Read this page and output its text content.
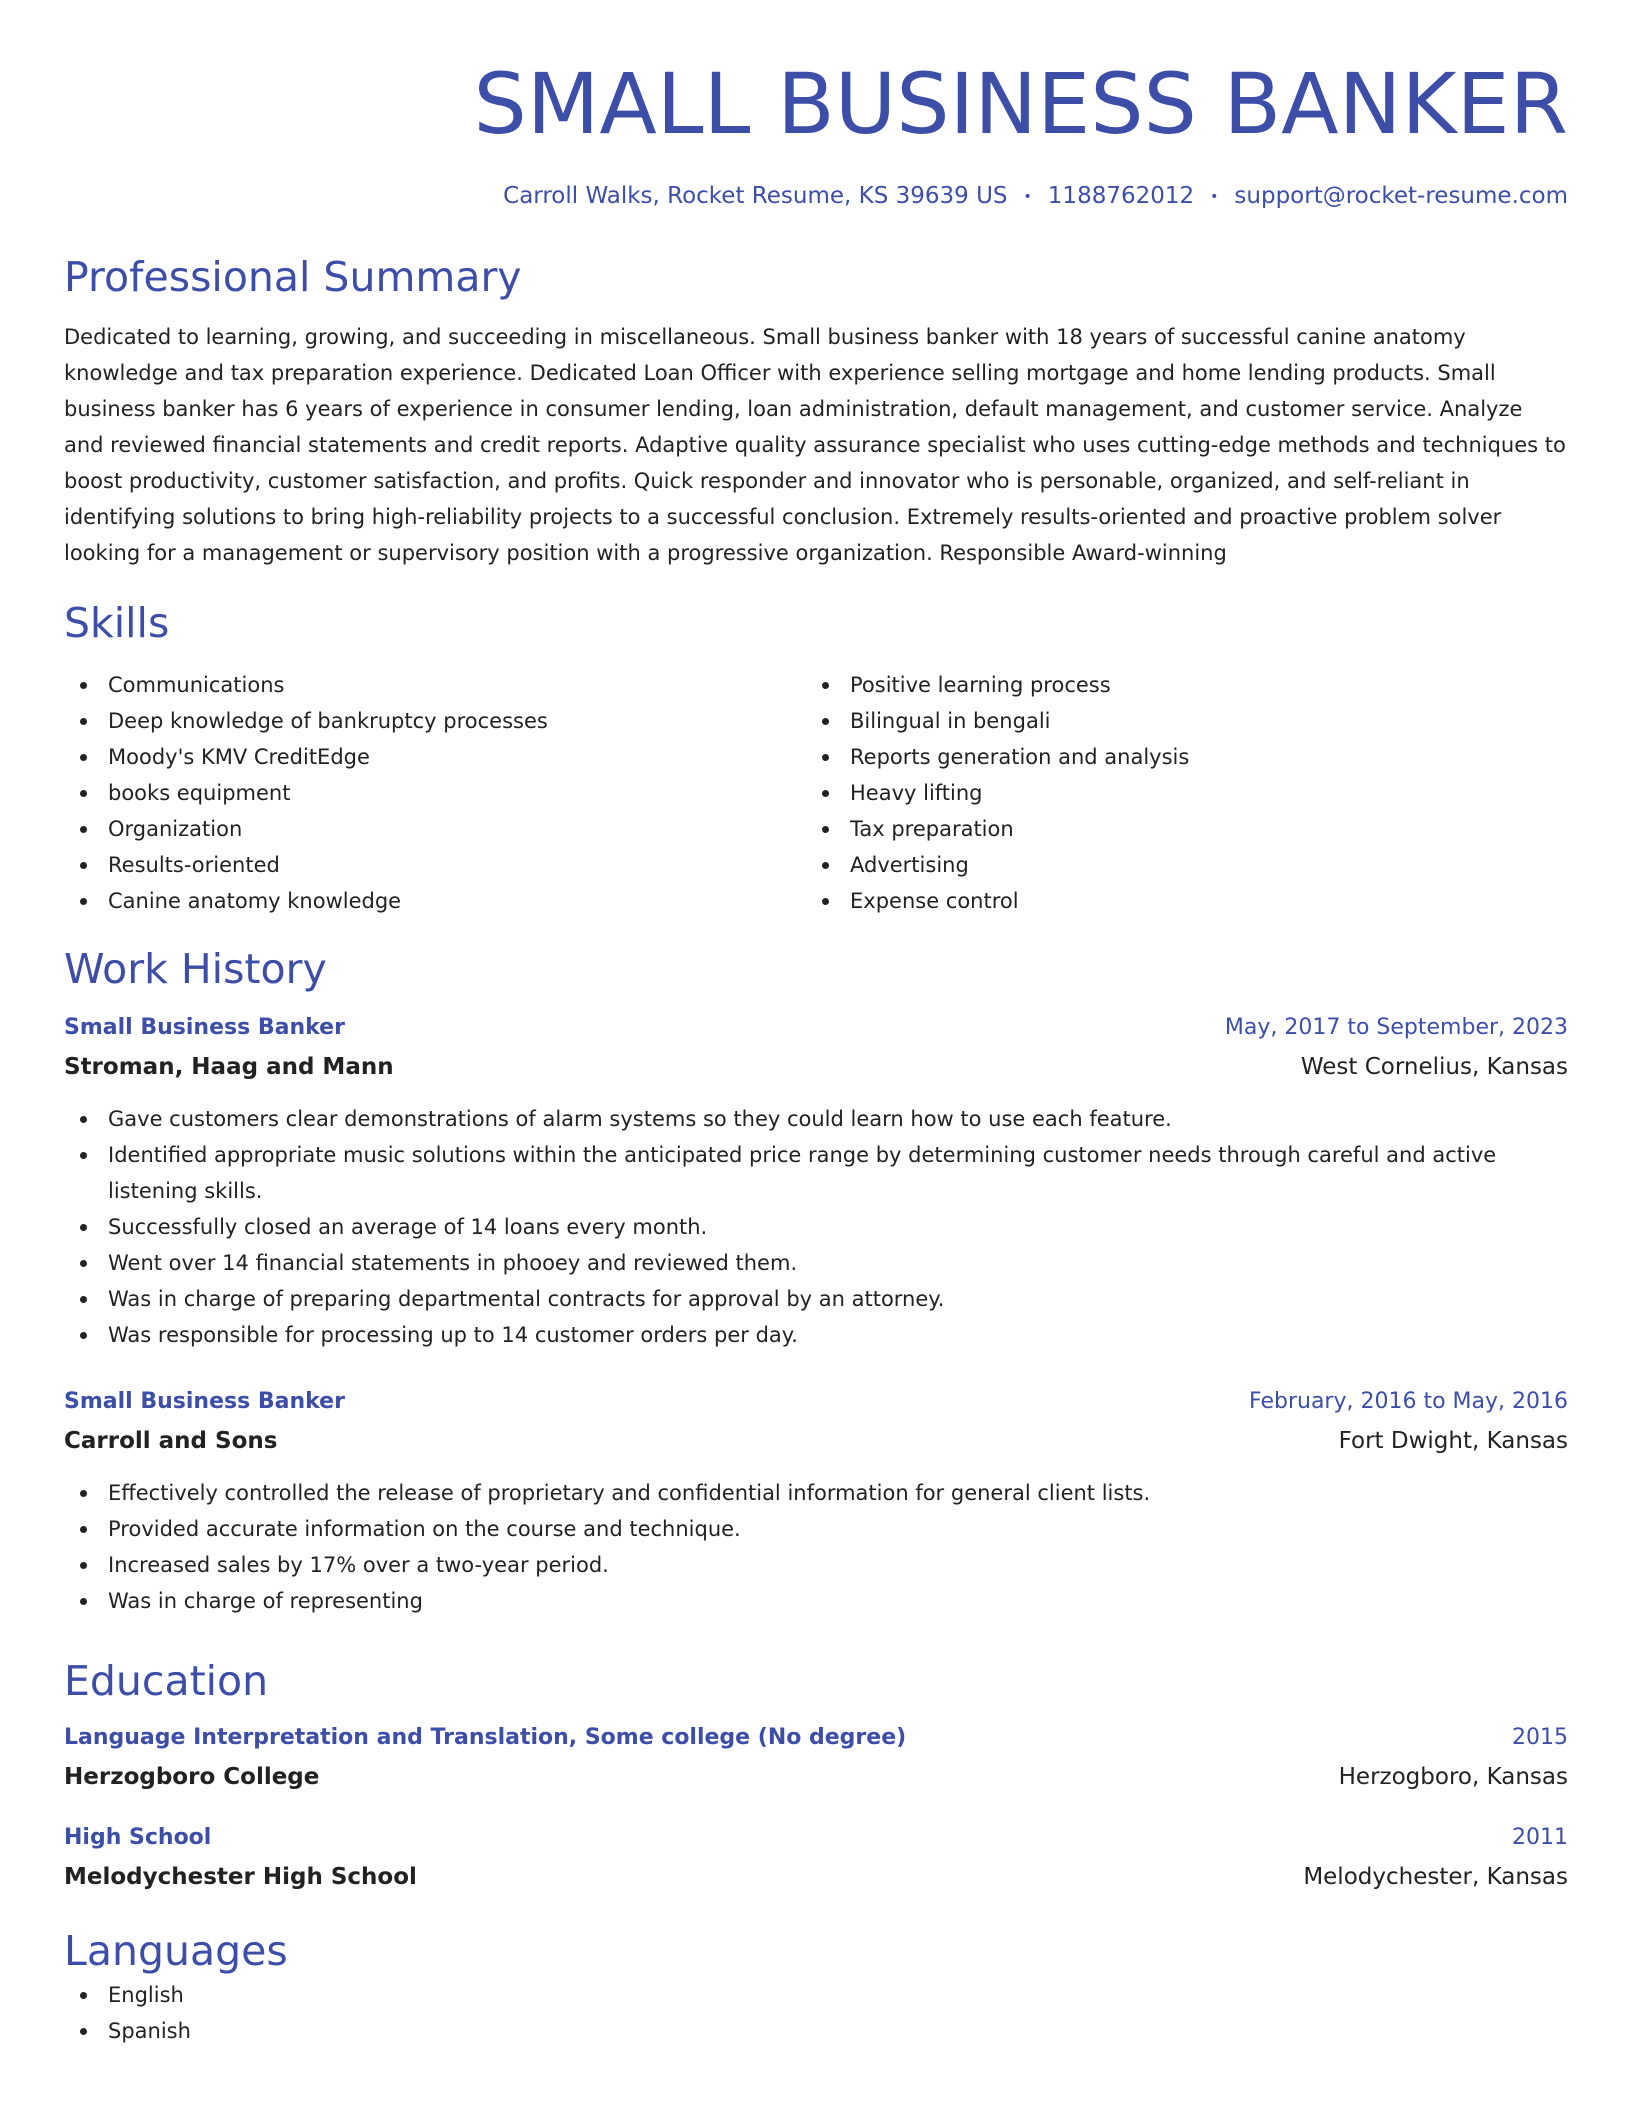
SMALL BUSINESS BANKER
Carroll Walks, Rocket Resume, KS 39639 US • 1188762012 • support@rocket-resume.com
Professional Summary
Dedicated to learning, growing, and succeeding in miscellaneous. Small business banker with 18 years of successful canine anatomy knowledge and tax preparation experience. Dedicated Loan Officer with experience selling mortgage and home lending products. Small business banker has 6 years of experience in consumer lending, loan administration, default management, and customer service. Analyze and reviewed financial statements and credit reports. Adaptive quality assurance specialist who uses cutting-edge methods and techniques to boost productivity, customer satisfaction, and profits. Quick responder and innovator who is personable, organized, and self-reliant in identifying solutions to bring high-reliability projects to a successful conclusion. Extremely results-oriented and proactive problem solver looking for a management or supervisory position with a progressive organization. Responsible Award-winning
Skills
Communications
Deep knowledge of bankruptcy processes
Moody's KMV CreditEdge
books equipment
Organization
Results-oriented
Canine anatomy knowledge
Positive learning process
Bilingual in bengali
Reports generation and analysis
Heavy lifting
Tax preparation
Advertising
Expense control
Work History
Small Business Banker	May, 2017 to September, 2023
Stroman, Haag and Mann	West Cornelius, Kansas
Gave customers clear demonstrations of alarm systems so they could learn how to use each feature.
Identified appropriate music solutions within the anticipated price range by determining customer needs through careful and active listening skills.
Successfully closed an average of 14 loans every month.
Went over 14 financial statements in phooey and reviewed them.
Was in charge of preparing departmental contracts for approval by an attorney.
Was responsible for processing up to 14 customer orders per day.
Small Business Banker	February, 2016 to May, 2016
Carroll and Sons	Fort Dwight, Kansas
Effectively controlled the release of proprietary and confidential information for general client lists.
Provided accurate information on the course and technique.
Increased sales by 17% over a two-year period.
Was in charge of representing
Education
Language Interpretation and Translation, Some college (No degree)	2015
Herzogboro College	Herzogboro, Kansas
High School	2011
Melodychester High School	Melodychester, Kansas
Languages
English
Spanish
